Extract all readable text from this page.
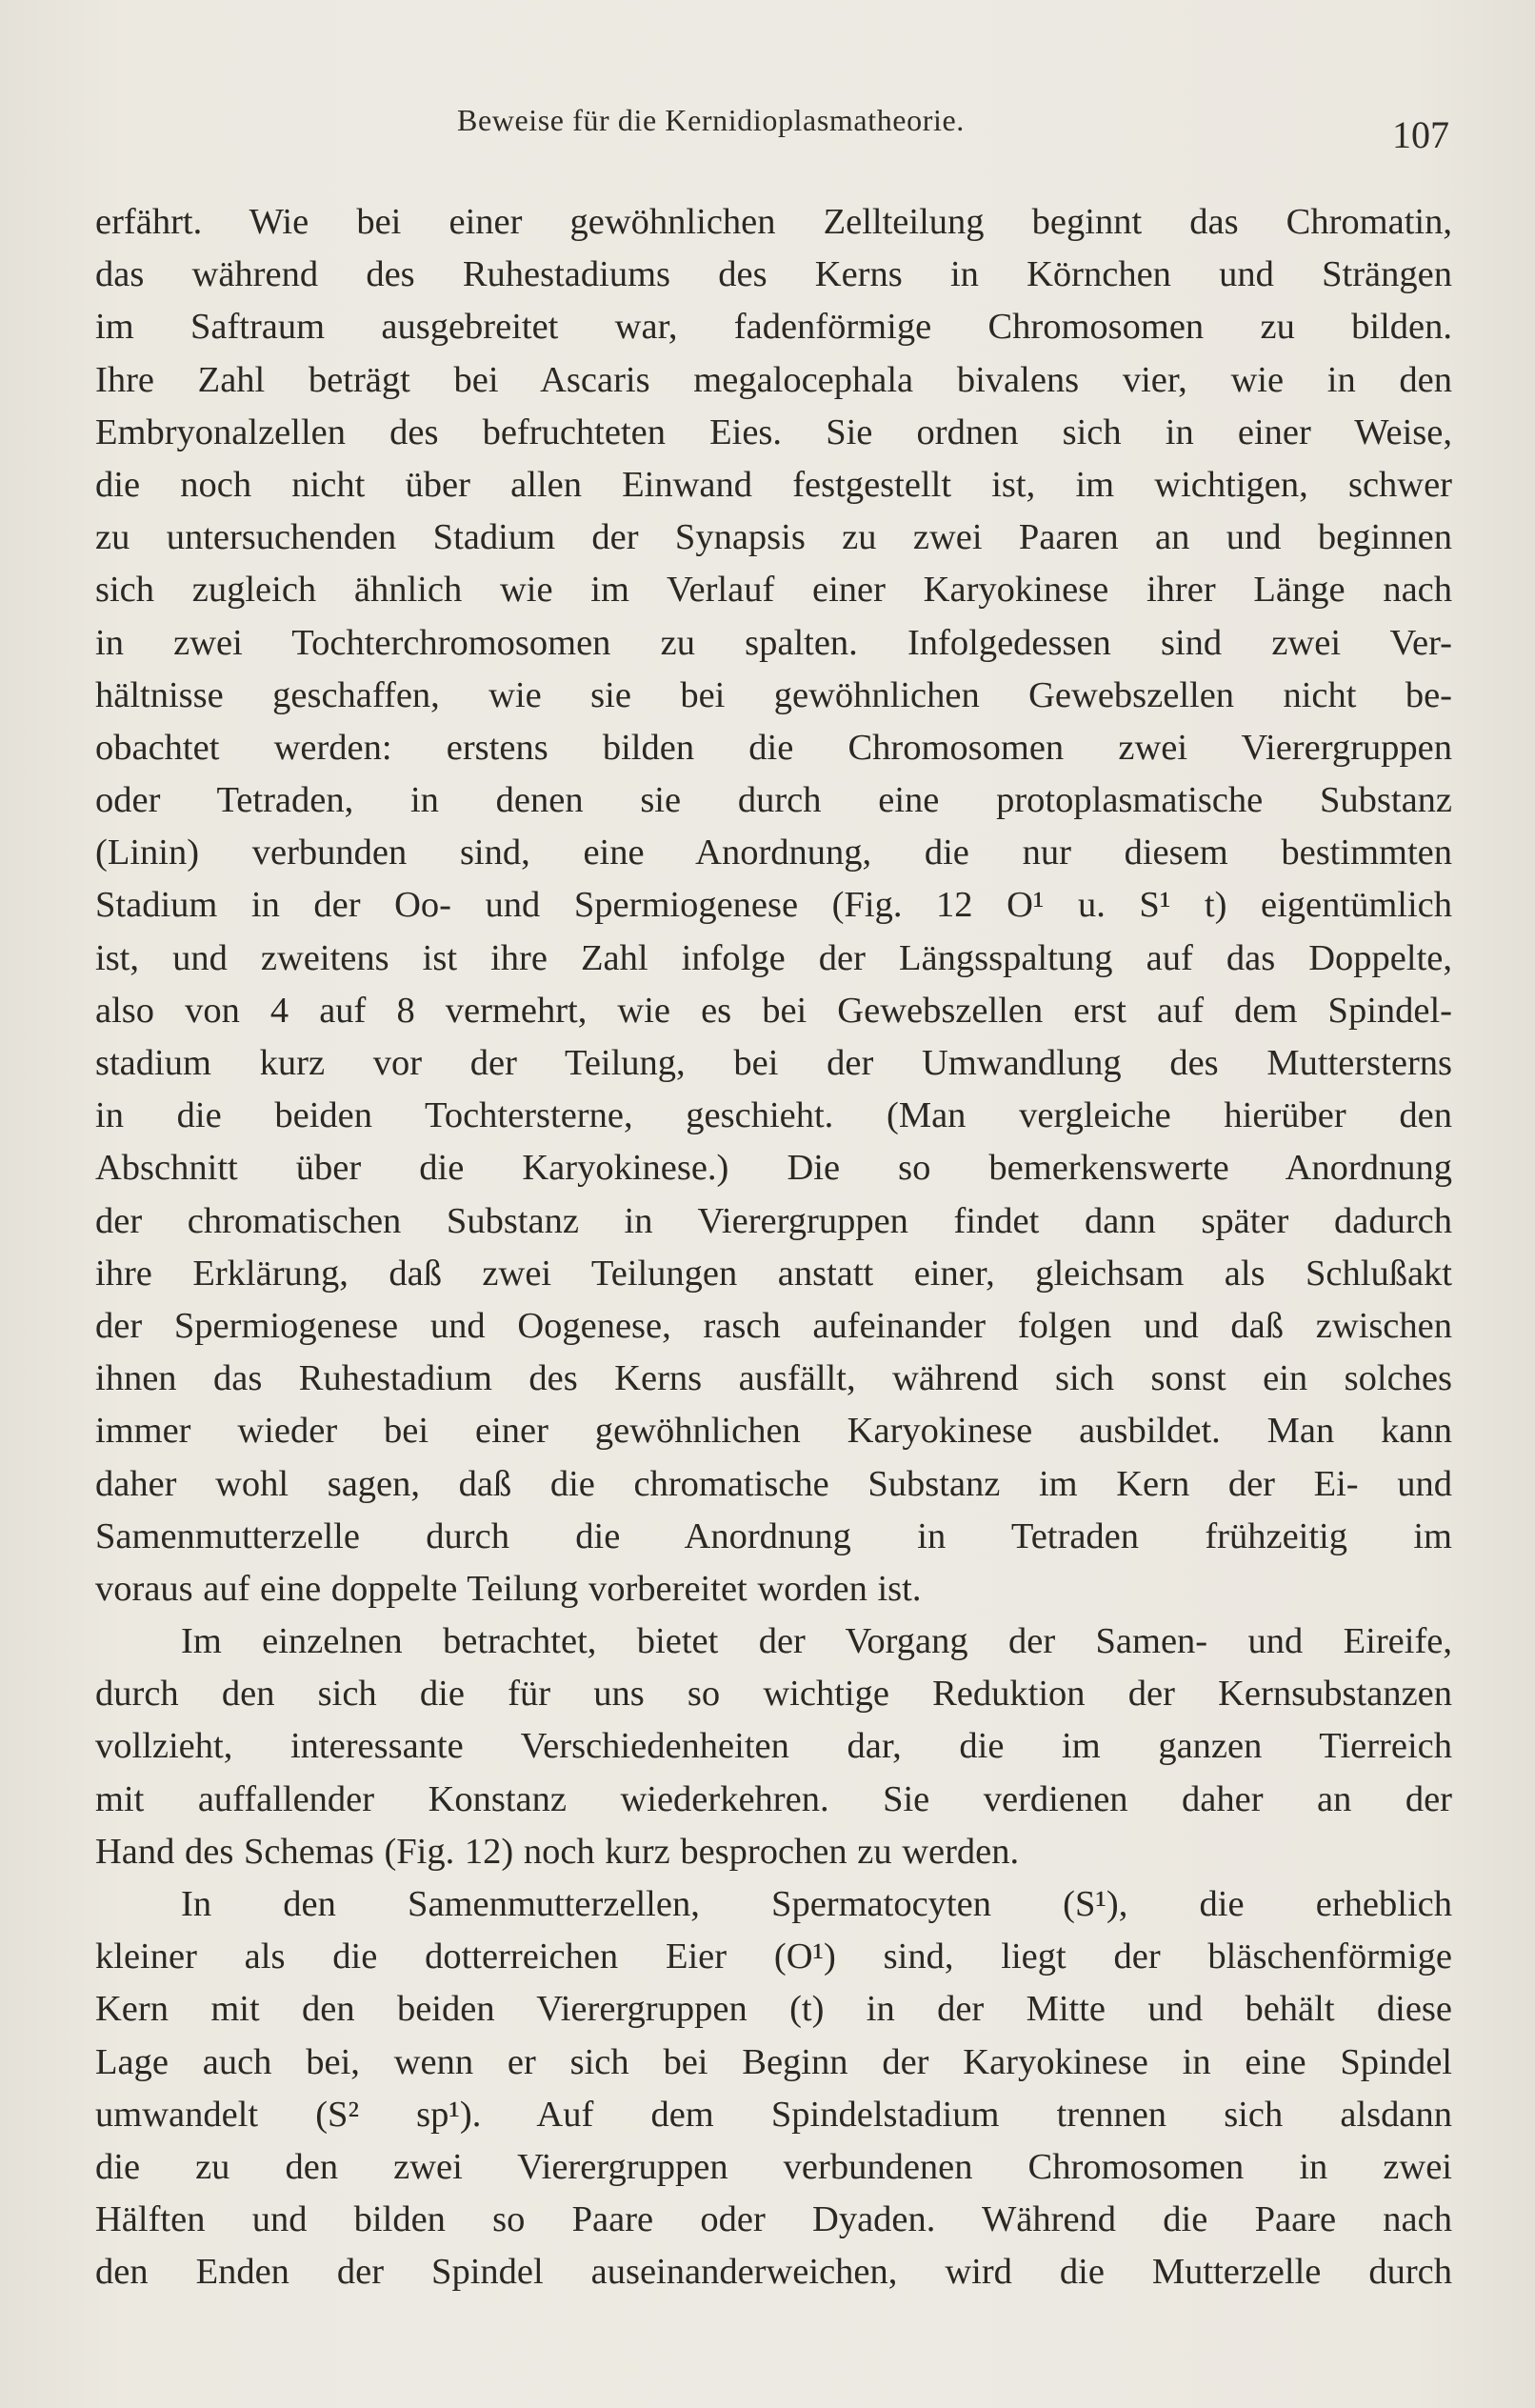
Beweise für die Kernidioplasmatheorie.	107
erfährt. Wie bei einer gewöhnlichen Zellteilung beginnt das Chromatin,
das während des Ruhestadiums des Kerns in Körnchen und Strängen
im Saftraum ausgebreitet war, fadenförmige Chromosomen zu bilden.
Ihre Zahl beträgt bei Ascaris megalocephala bivalens vier, wie in den
Embryonalzellen des befruchteten Eies. Sie ordnen sich in einer Weise,
die noch nicht über allen Einwand festgestellt ist, im wichtigen, schwer
zu untersuchenden Stadium der Synapsis zu zwei Paaren an und beginnen
sich zugleich ähnlich wie im Verlauf einer Karyokinese ihrer Länge nach
in zwei Tochterchromosomen zu spalten. Infolgedessen sind zwei Ver-
hältnisse geschaffen, wie sie bei gewöhnlichen Gewebszellen nicht be-
obachtet werden: erstens bilden die Chromosomen zwei Vierergruppen
oder Tetraden, in denen sie durch eine protoplasmatische Substanz
(Linin) verbunden sind, eine Anordnung, die nur diesem bestimmten
Stadium in der Oo- und Spermiogenese (Fig. 12 O¹ u. S¹ t) eigentümlich
ist, und zweitens ist ihre Zahl infolge der Längsspaltung auf das Doppelte,
also von 4 auf 8 vermehrt, wie es bei Gewebszellen erst auf dem Spindel-
stadium kurz vor der Teilung, bei der Umwandlung des Muttersterns
in die beiden Tochtersterne, geschieht. (Man vergleiche hierüber den
Abschnitt über die Karyokinese.) Die so bemerkenswerte Anordnung
der chromatischen Substanz in Vierergruppen findet dann später dadurch
ihre Erklärung, daß zwei Teilungen anstatt einer, gleichsam als Schlußakt
der Spermiogenese und Oogenese, rasch aufeinander folgen und daß zwischen
ihnen das Ruhestadium des Kerns ausfällt, während sich sonst ein solches
immer wieder bei einer gewöhnlichen Karyokinese ausbildet. Man kann
daher wohl sagen, daß die chromatische Substanz im Kern der Ei- und
Samenmutterzelle durch die Anordnung in Tetraden frühzeitig im
voraus auf eine doppelte Teilung vorbereitet worden ist.
Im einzelnen betrachtet, bietet der Vorgang der Samen- und Eireife,
durch den sich die für uns so wichtige Reduktion der Kernsubstanzen
vollzieht, interessante Verschiedenheiten dar, die im ganzen Tierreich
mit auffallender Konstanz wiederkehren. Sie verdienen daher an der
Hand des Schemas (Fig. 12) noch kurz besprochen zu werden.
In den Samenmutterzellen, Spermatocyten (S¹), die erheblich
kleiner als die dotterreichen Eier (O¹) sind, liegt der bläschenförmige
Kern mit den beiden Vierergruppen (t) in der Mitte und behält diese
Lage auch bei, wenn er sich bei Beginn der Karyokinese in eine Spindel
umwandelt (S² sp¹). Auf dem Spindelstadium trennen sich alsdann
die zu den zwei Vierergruppen verbundenen Chromosomen in zwei
Hälften und bilden so Paare oder Dyaden. Während die Paare nach
den Enden der Spindel auseinanderweichen, wird die Mutterzelle durch
